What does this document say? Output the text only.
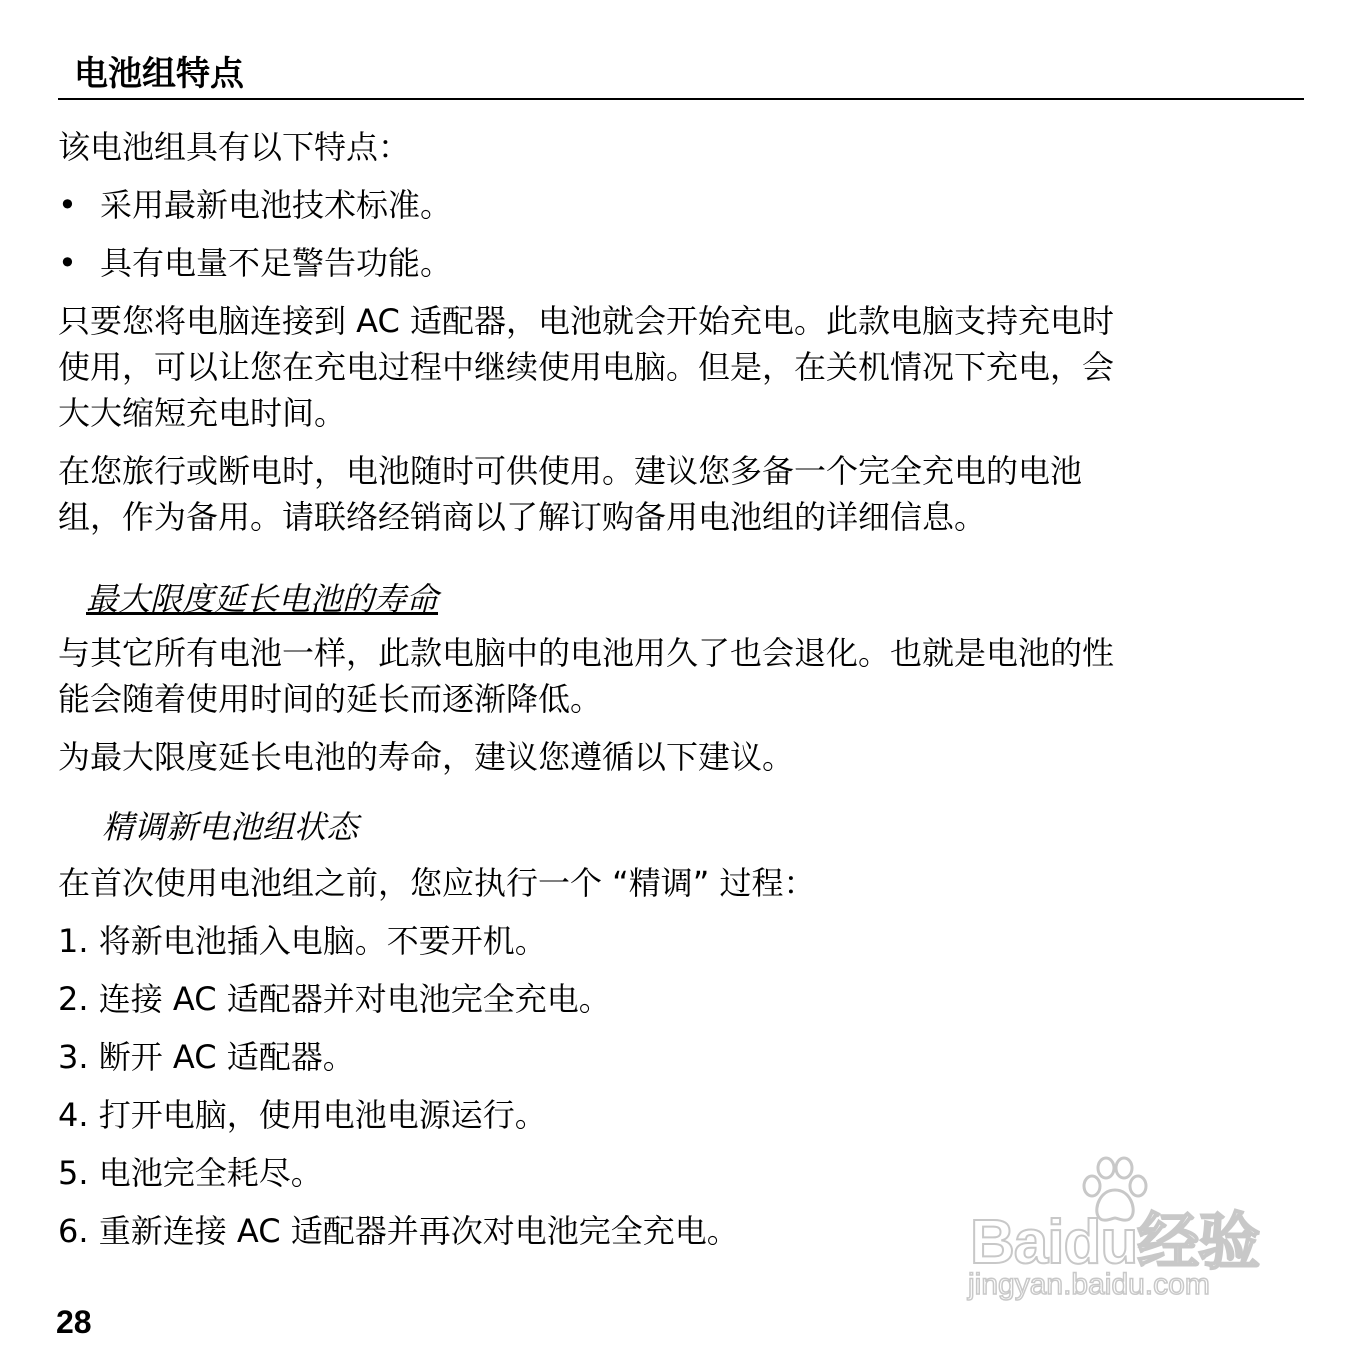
电池组特点

该电池组具有以下特点：

• 采用最新电池技术标准。
• 具有电量不足警告功能。
只要您将电脑连接到 AC 适配器，电池就会开始充电。此款电脑支持充电时
使用，可以让您在充电过程中继续使用电脑。但是，在关机情况下充电，会
大大缩短充电时间。
在您旅行或断电时，电池随时可供使用。建议您多备一个完全充电的电池
组，作为备用。请联络经销商以了解订购备用电池组的详细信息。
最大限度延长电池的寿命
与其它所有电池一样，此款电脑中的电池用久了也会退化。也就是电池的性
能会随着使用时间的延长而逐渐降低。

为最大限度延长电池的寿命，建议您遵循以下建议。

精调新电池组状态

在首次使用电池组之前，您应执行一个 “精调” 过程：

1. 将新电池插入电脑。不要开机。
2. 连接 AC 适配器并对电池完全充电。
3. 断开 AC 适配器。
4. 打开电脑，使用电池电源运行。
5. 电池完全耗尽。
6. 重新连接 AC 适配器并再次对电池完全充电。
28
Baidu经验
jingyan.baidu.com
